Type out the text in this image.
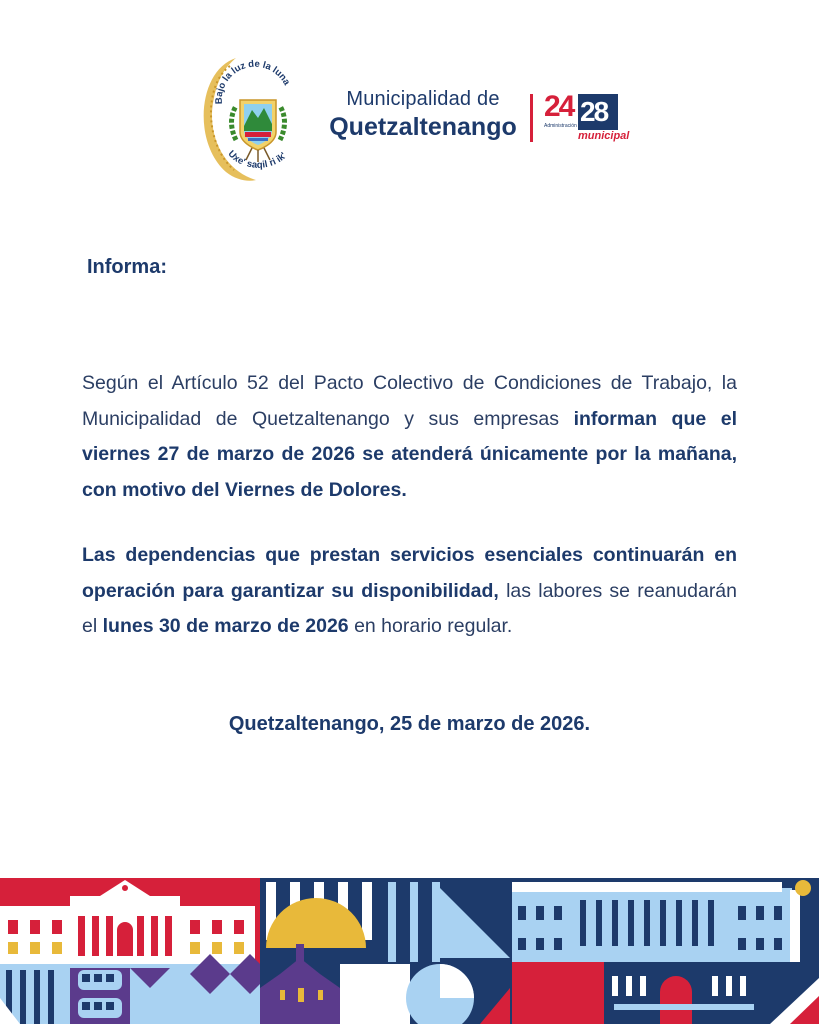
Bajo la luz de la luna
Uxe' saqil ri ik'
Municipalidad de
Quetzaltenango
24 28
Administración
municipal
Informa:

Según el Artículo 52 del Pacto Colectivo de Condiciones de Trabajo, la Municipalidad de Quetzaltenango y sus empresas informan que el viernes 27 de marzo de 2026 se atenderá únicamente por la mañana, con motivo del Viernes de Dolores.

Las dependencias que prestan servicios esenciales continuarán en operación para garantizar su disponibilidad, las labores se reanudarán el lunes 30 de marzo de 2026 en horario regular.

Quetzaltenango, 25 de marzo de 2026.
